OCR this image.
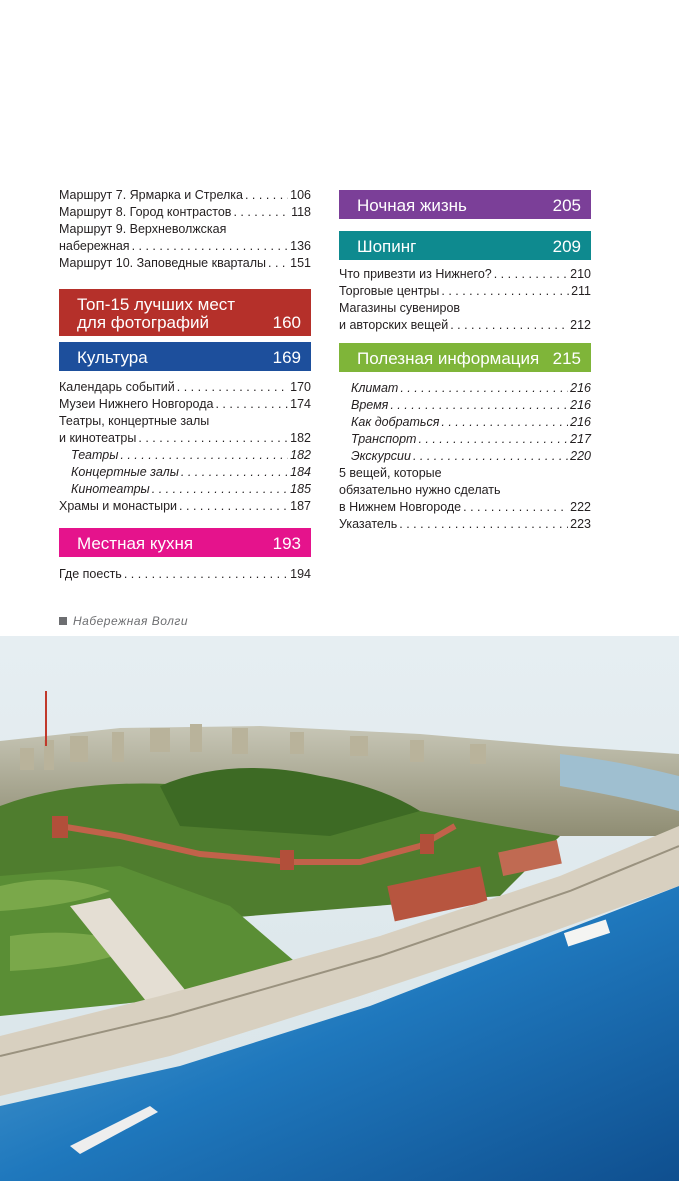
Маршрут 7. Ярмарка и Стрелка . . .	106
Маршрут 8. Город контрастов . . .	118
Маршрут 9. Верхневолжская
набережная . . .	136
Маршрут 10. Заповедные кварталы . . . 151
Топ-15 лучших мест
для фотографий	160
Культура	169
Календарь событий . . .	170
Музеи Нижнего Новгорода . . .	174
Театры, концертные залы
и кинотеатры . . .	182
Театры . . .	182
Концертные залы . . .	184
Кинотеатры . . .	185
Храмы и монастыри . . .	187
Местная кухня	193
Где поесть . . .	194
Ночная жизнь	205
Шопинг	209
Что привезти из Нижнего? . . .	210
Торговые центры . . .	211
Магазины сувениров
и авторских вещей . . .	212
Полезная информация 215
Климат . . .	216
Время . . .	216
Как добраться . . .	216
Транспорт . . .	217
Экскурсии . . .	220
5 вещей, которые
обязательно нужно сделать
в Нижнем Новгороде . . .	222
Указатель . . .	223
Набережная Волги
